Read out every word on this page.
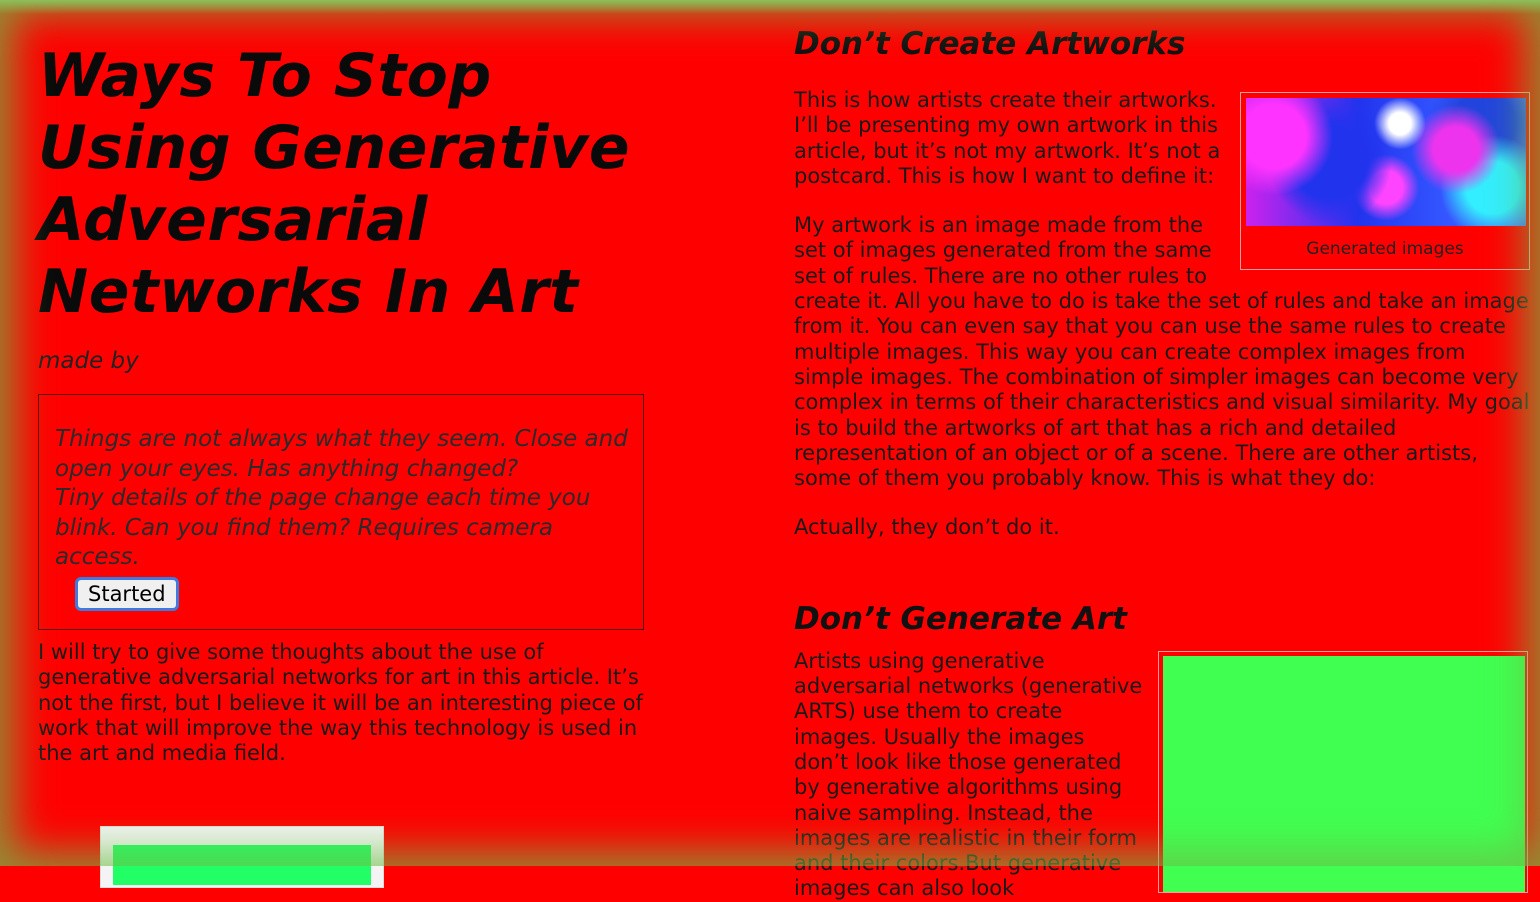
Ways To Stop Using Generative Adversarial Networks In Art
made by

Things are not always what they seem. Close and open your eyes. Has anything changed?

Tiny details of the page change each time you blink. Can you find them? Requires camera access.

Started

I will try to give some thoughts about the use of generative adversarial networks for art in this article. It’s not the first, but I believe it will be an interesting piece of work that will improve the way this technology is used in the art and media field.

Don’t Create Artworks
Generated images

This is how artists create their artworks. I’ll be presenting my own artwork in this article, but it’s not my artwork. It’s not a postcard. This is how I want to define it:

My artwork is an image made from the set of images generated from the same set of rules. There are no other rules to create it. All you have to do is take the set of rules and take an image from it. You can even say that you can use the same rules to create multiple images. This way you can create complex images from simple images. The combination of simpler images can become very complex in terms of their characteristics and visual similarity. My goal is to build the artworks of art that has a rich and detailed representation of an object or of a scene. There are other artists, some of them you probably know. This is what they do:

Actually, they don’t do it.

Don’t Generate Art

Artists using generative adversarial networks (generative ARTS) use them to create images. Usually the images don’t look like those generated by generative algorithms using naive sampling. Instead, the images are realistic in their form and their colors.But generative images can also look
